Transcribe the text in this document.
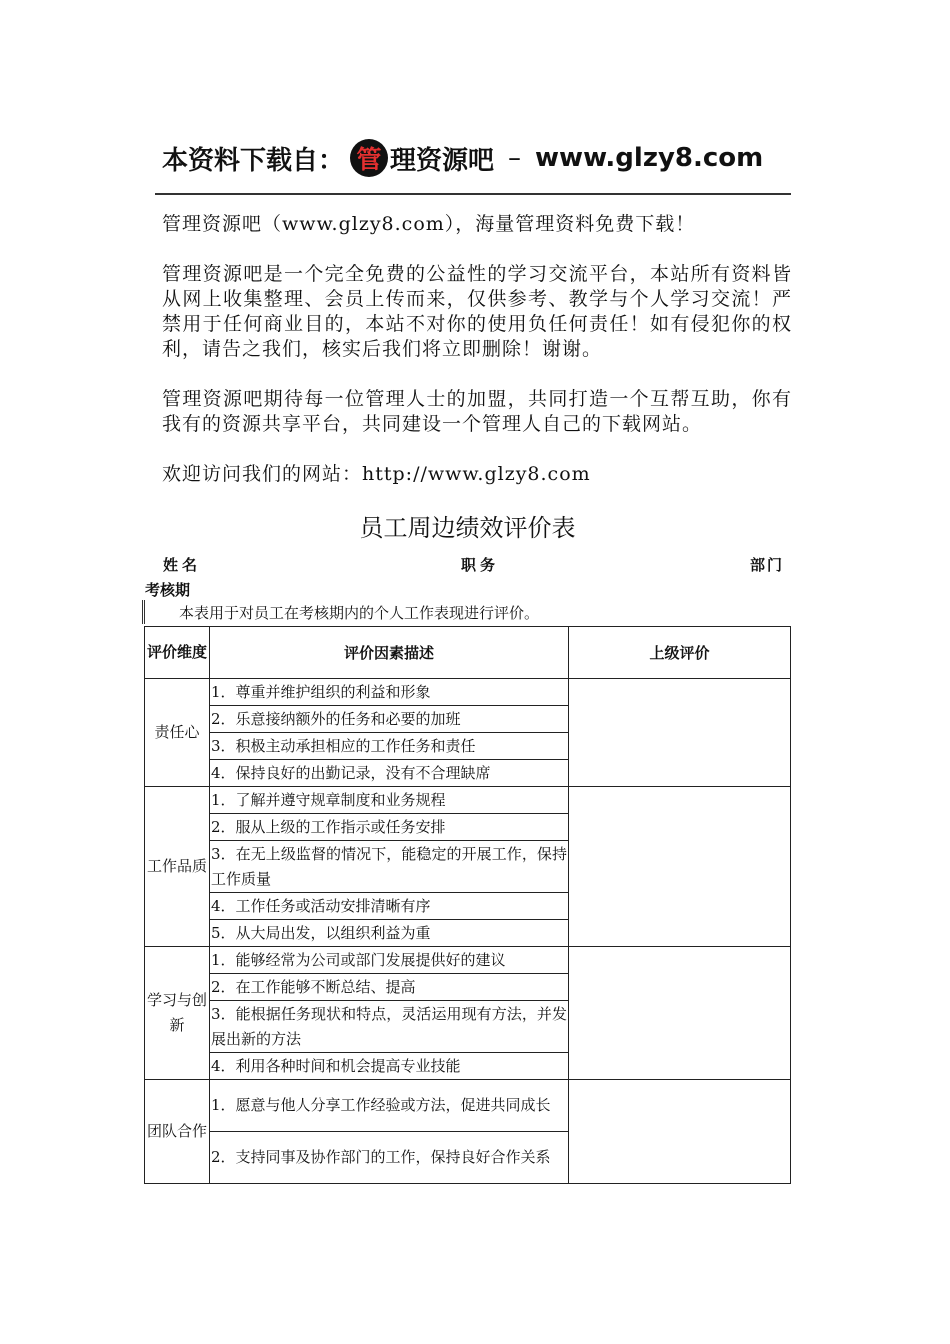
本资料下载自： 管 理资源吧 – www.glzy8.com

管理资源吧（www.glzy8.com），海量管理资料免费下载！

管理资源吧是一个完全免费的公益性的学习交流平台，本站所有资料皆从网上收集整理、会员上传而来，仅供参考、教学与个人学习交流！严禁用于任何商业目的，本站不对你的使用负任何责任！如有侵犯你的权利，请告之我们，核实后我们将立即删除！谢谢。

管理资源吧期待每一位管理人士的加盟，共同打造一个互帮互助，你有我有的资源共享平台，共同建设一个管理人自己的下载网站。

欢迎访问我们的网站：http://www.glzy8.com

员工周边绩效评价表
姓名	职务	部门
考核期
本表用于对员工在考核期内的个人工作表现进行评价。
评价维度	评价因素描述	上级评价
责任心	1．尊重并维护组织的利益和形象	
	2．乐意接纳额外的任务和必要的加班	
	3．积极主动承担相应的工作任务和责任	
	4．保持良好的出勤记录，没有不合理缺席	
工作品质	1．了解并遵守规章制度和业务规程	
	2．服从上级的工作指示或任务安排	
	3．在无上级监督的情况下，能稳定的开展工作，保持工作质量	
	4．工作任务或活动安排清晰有序	
	5．从大局出发，以组织利益为重	
学习与创新	1．能够经常为公司或部门发展提供好的建议	
	2．在工作能够不断总结、提高	
	3．能根据任务现状和特点，灵活运用现有方法，并发展出新的方法	
	4．利用各种时间和机会提高专业技能	
团队合作	1．愿意与他人分享工作经验或方法，促进共同成长	
	2．支持同事及协作部门的工作，保持良好合作关系	
